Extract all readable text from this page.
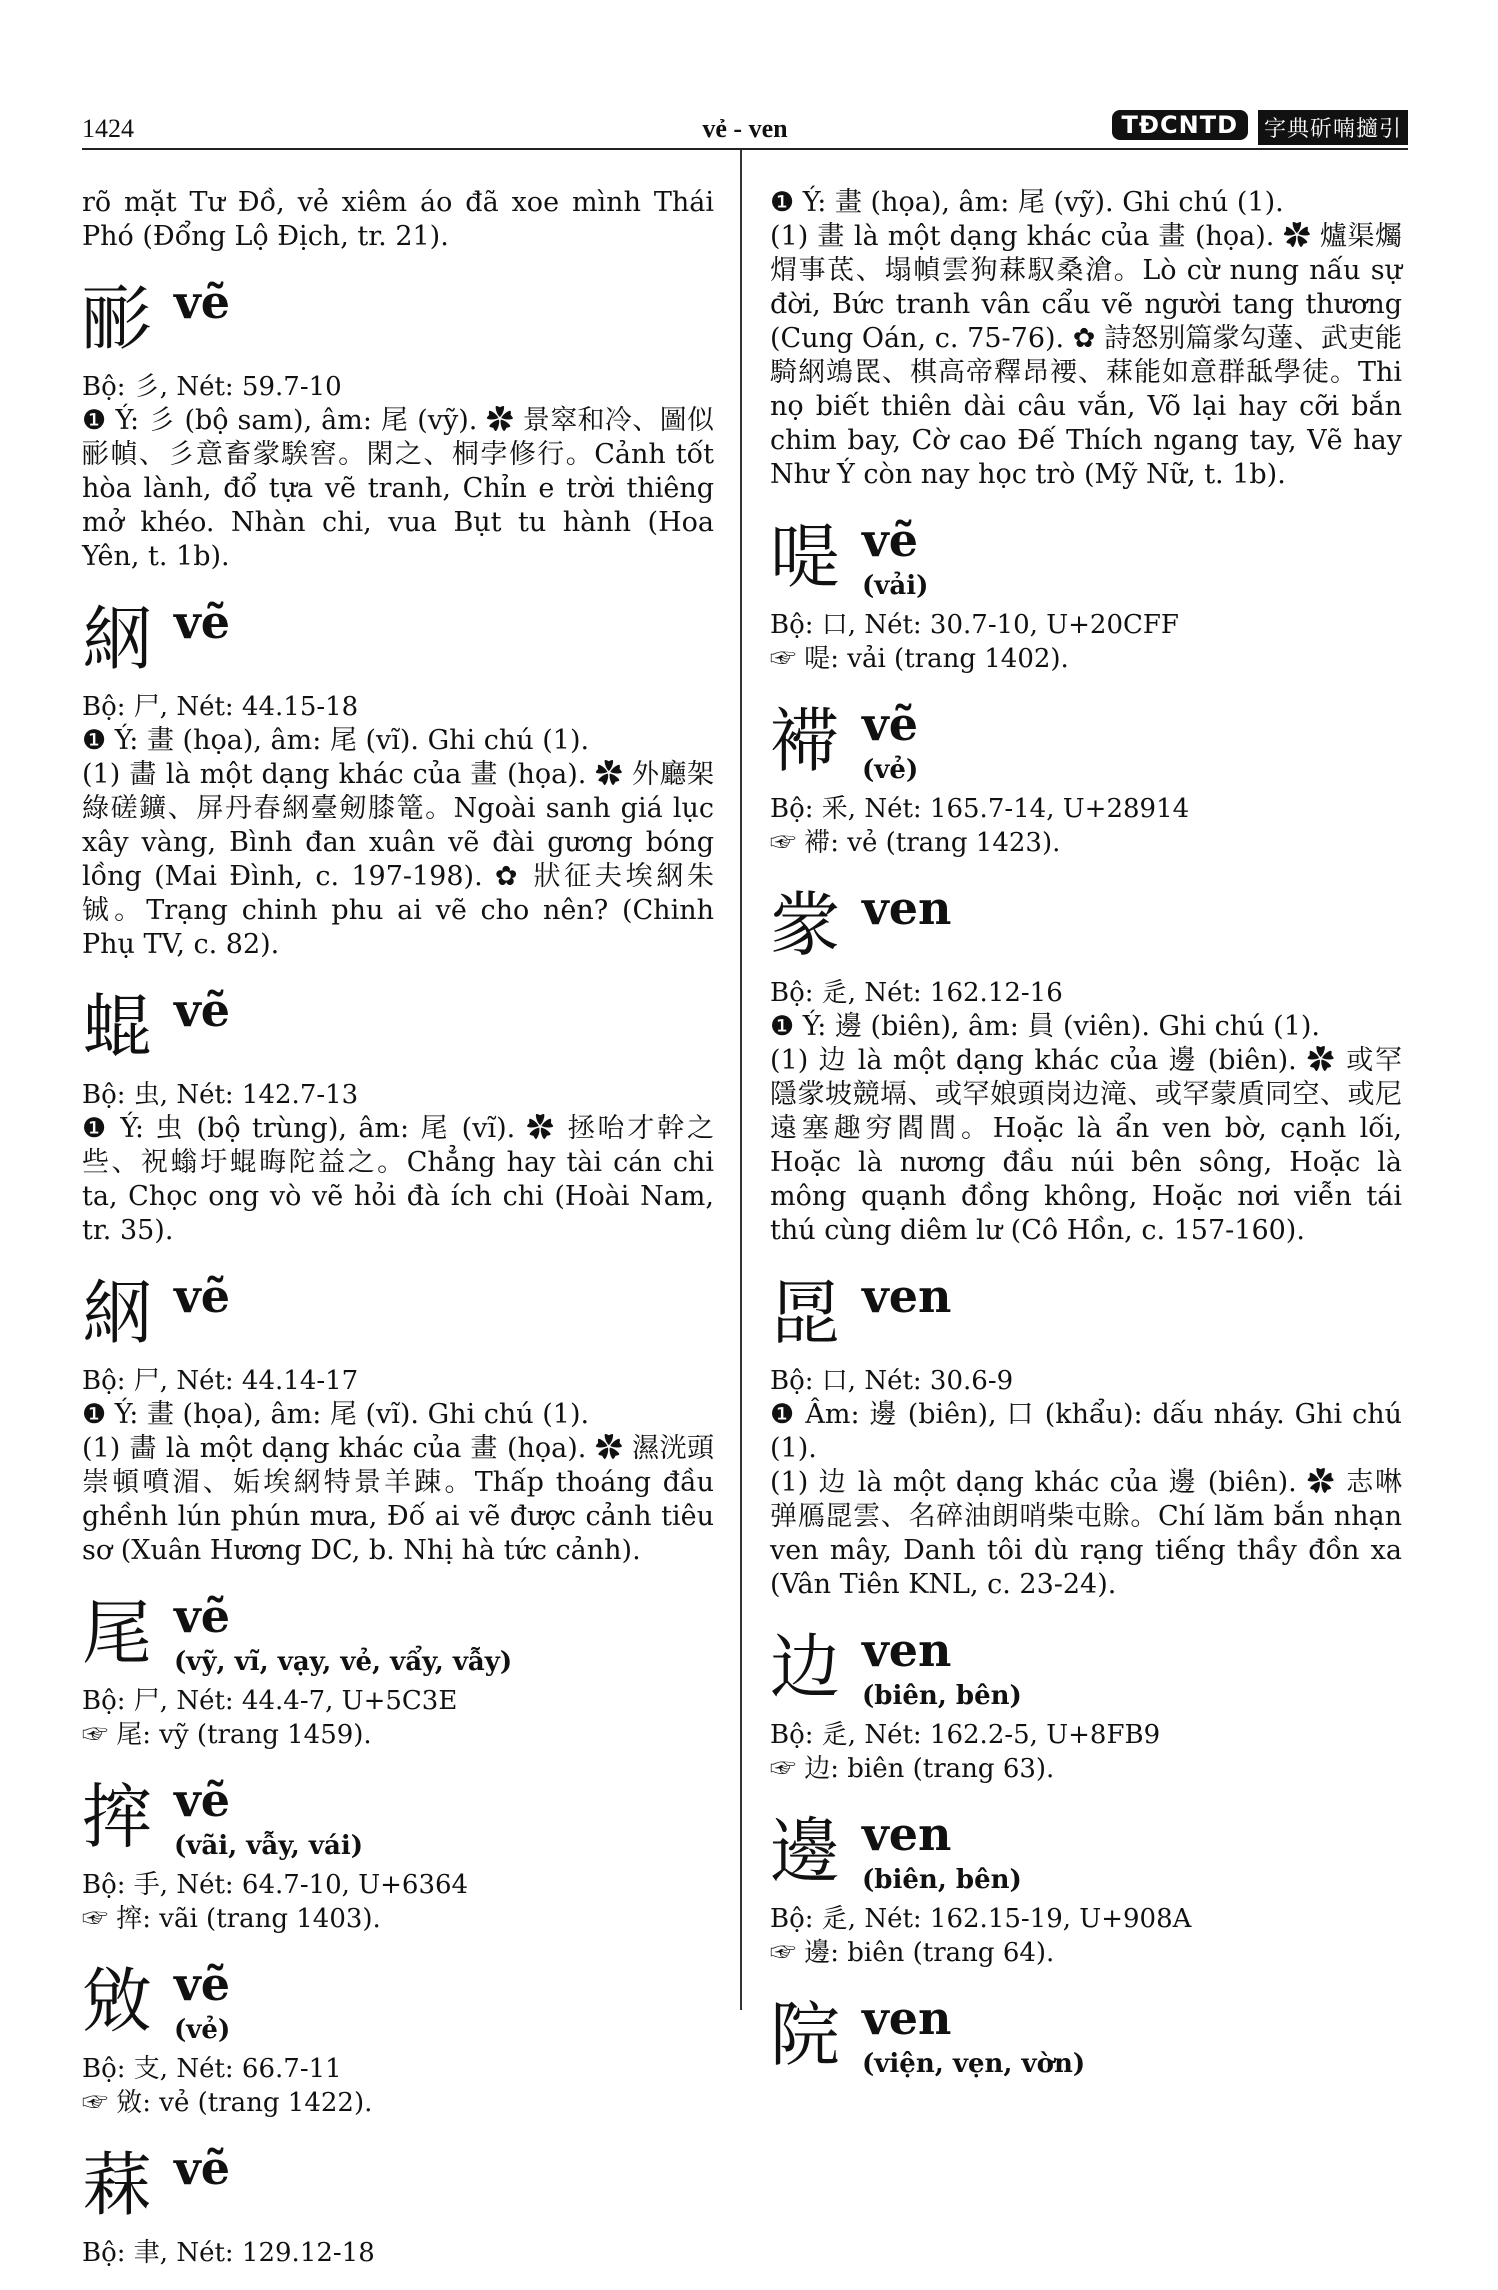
1424	vẻ - ven	TĐCNTD	字典斫喃擿引

rõ mặt Tư Đồ, vẻ xiêm áo đã xoe mình Thái Phó (Đổng Lộ Địch, tr. 21).

彨 vẽ
Bộ: 彡, Nét: 59.7-10
❶ Ý: 彡 (bộ sam), âm: 尾 (vỹ). ✿ 景窣和冷、圖似彨幀、彡意畜䝉騃窖。閑之、桐孛修行。Cảnh tốt hòa lành, đổ tựa vẽ tranh, Chỉn e trời thiêng mở khéo. Nhàn chi, vua Bụt tu hành (Hoa Yên, t. 1b).
䋄 vẽ
Bộ: 尸, Nét: 44.15-18
❶ Ý: 畫 (họa), âm: 尾 (vĩ). Ghi chú (1).
(1) 畵 là một dạng khác của 畫 (họa). ✿ 外廳架綠磋鑛、屏丹春䋄臺剱膝篭。Ngoài sanh giá lục xây vàng, Bình đan xuân vẽ đài gương bóng lồng (Mai Đình, c. 197-198). ✿ 狀征夫埃䋄朱铖。Trạng chinh phu ai vẽ cho nên? (Chinh Phụ TV, c. 82).
蜫 vẽ
Bộ: 虫, Nét: 142.7-13
❶ Ý: 虫 (bộ trùng), âm: 尾 (vĩ). ✿ 拯咍才幹之些、祝螉圩蜫晦陀益之。Chẳng hay tài cán chi ta, Chọc ong vò vẽ hỏi đà ích chi (Hoài Nam, tr. 35).
䋄 vẽ
Bộ: 尸, Nét: 44.14-17
❶ Ý: 畫 (họa), âm: 尾 (vĩ). Ghi chú (1).
(1) 畵 là một dạng khác của 畫 (họa). ✿ 濕洸頭崇頓噴湄、姤埃䋄特景羊踈。Thấp thoáng đầu ghềnh lún phún mưa, Đố ai vẽ được cảnh tiêu sơ (Xuân Hương DC, b. Nhị hà tức cảnh).
尾 vẽ
(vỹ, vĩ, vạy, vẻ, vẩy, vẫy)
Bộ: 尸, Nét: 44.4-7, U+5C3E
☞ 尾: vỹ (trang 1459).
㨓 vẽ
(vãi, vẫy, vái)
Bộ: 手, Nét: 64.7-10, U+6364
☞ 㨓: vãi (trang 1403).
敓 vẽ
(vẻ)
Bộ: 支, Nét: 66.7-11
☞ 敓: vẻ (trang 1422).
䔉 vẽ
Bộ: 聿, Nét: 129.12-18
❶ Ý: 畫 (họa), âm: 尾 (vỹ). Ghi chú (1).
(1) 畫 là một dạng khác của 畫 (họa). ✿ 爐渠爥焨事茋、塌幀雲狗䔉馭桑滄。Lò cừ nung nấu sự đời, Bức tranh vân cẩu vẽ người tang thương (Cung Oán, c. 75-76). ✿ 詩怒别篇䝉勾薘、武吏能騎䋄鴗䍕、棋高帝釋昂䙅、䔉能如意群䑛學徒。Thi nọ biết thiên dài câu vắn, Võ lại hay cỡi bắn chim bay, Cờ cao Đế Thích ngang tay, Vẽ hay Như Ý còn nay học trò (Mỹ Nữ, t. 1b).
㖷 vẽ
(vải)
Bộ: 口, Nét: 30.7-10, U+20CFF
☞ 㖷: vải (trang 1402).
䙊 vẽ
(vẻ)
Bộ: 釆, Nét: 165.7-14, U+28914
☞ 䙊: vẻ (trang 1423).
䝉 ven
Bộ: 辵, Nét: 162.12-16
❶ Ý: 邊 (biên), âm: 員 (viên). Ghi chú (1).
(1) 边 là một dạng khác của 邊 (biên). ✿ 或罕隱䝉坡競塥、或罕娘頭岗边滝、或罕蒙貭同空、或尼遠塞趣穷閻閭。Hoặc là ẩn ven bờ, cạnh lối, Hoặc là nương đầu núi bên sông, Hoặc là mông quạnh đồng không, Hoặc nơi viễn tái thú cùng diêm lư (Cô Hồn, c. 157-160).
㖯 ven
Bộ: 口, Nét: 30.6-9
❶ Âm: 邊 (biên), 口 (khẩu): dấu nháy. Ghi chú (1).
(1) 边 là một dạng khác của 邊 (biên). ✿ 志啉弹鴈㖯雲、名碎油朗哨柴屯賖。Chí lăm bắn nhạn ven mây, Danh tôi dù rạng tiếng thầy đồn xa (Vân Tiên KNL, c. 23-24).
边 ven
(biên, bên)
Bộ: 辵, Nét: 162.2-5, U+8FB9
☞ 边: biên (trang 63).
邊 ven
(biên, bên)
Bộ: 辵, Nét: 162.15-19, U+908A
☞ 邊: biên (trang 64).
院 ven
(viện, vẹn, vờn)
